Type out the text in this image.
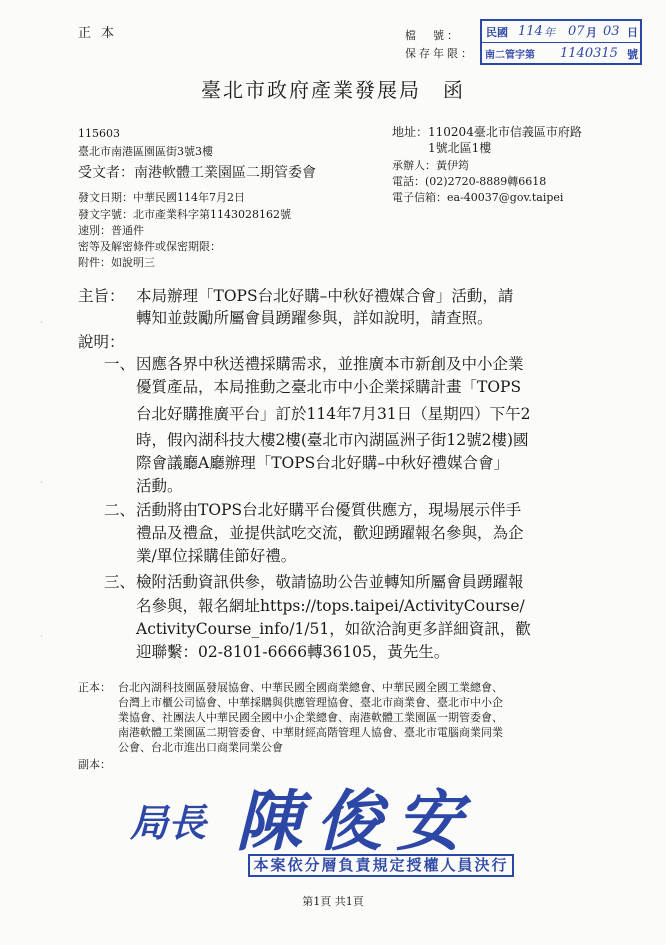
正本	檔　號：
保存年限：
民國 114 年 07 月 03 日
南二管字第 1140315 號
臺北市政府產業發展局 函
115603
臺北市南港區園區街3號3樓
受文者：南港軟體工業園區二期管委會
地址：110204臺北市信義區市府路
1號北區1樓
承辦人：黃伊筠
電話：(02)2720-8889轉6618
電子信箱：ea-40037@gov.taipei
發文日期：中華民國114年7月2日
發文字號：北市產業科字第1143028162號
速別：普通件
密等及解密條件或保密期限：
附件：如說明三
主旨： 本局辦理「TOPS台北好購–中秋好禮媒合會」活動，請
轉知並鼓勵所屬會員踴躍參與，詳如說明，請查照。
說明：
一、 因應各界中秋送禮採購需求，並推廣本市新創及中小企業
優質產品，本局推動之臺北市中小企業採購計畫「TOPS
台北好購推廣平台」訂於114年7月31日（星期四）下午2
時，假內湖科技大樓2樓(臺北市內湖區洲子街12號2樓)國
際會議廳A廳辦理「TOPS台北好購–中秋好禮媒合會」
活動。
二、 活動將由TOPS台北好購平台優質供應方，現場展示伴手
禮品及禮盒，並提供試吃交流，歡迎踴躍報名參與，為企
業/單位採購佳節好禮。
三、 檢附活動資訊供參，敬請協助公告並轉知所屬會員踴躍報
名參與，報名網址https://tops.taipei/ActivityCourse/
ActivityCourse_info/1/51，如欲洽詢更多詳細資訊，歡
迎聯繫：02-8101-6666轉36105，黃先生。
正本： 台北內湖科技園區發展協會、中華民國全國商業總會、中華民國全國工業總會、
台灣上市櫃公司協會、中華採購與供應管理協會、臺北市商業會、臺北市中小企
業協會、社團法人中華民國全國中小企業總會、南港軟體工業園區一期管委會、
南港軟體工業園區二期管委會、中華財經高階管理人協會、臺北市電腦商業同業
公會、台北市進出口商業同業公會
副本：
局長 陳俊安
本案依分層負責規定授權人員決行
第1頁 共1頁
·
·
·
